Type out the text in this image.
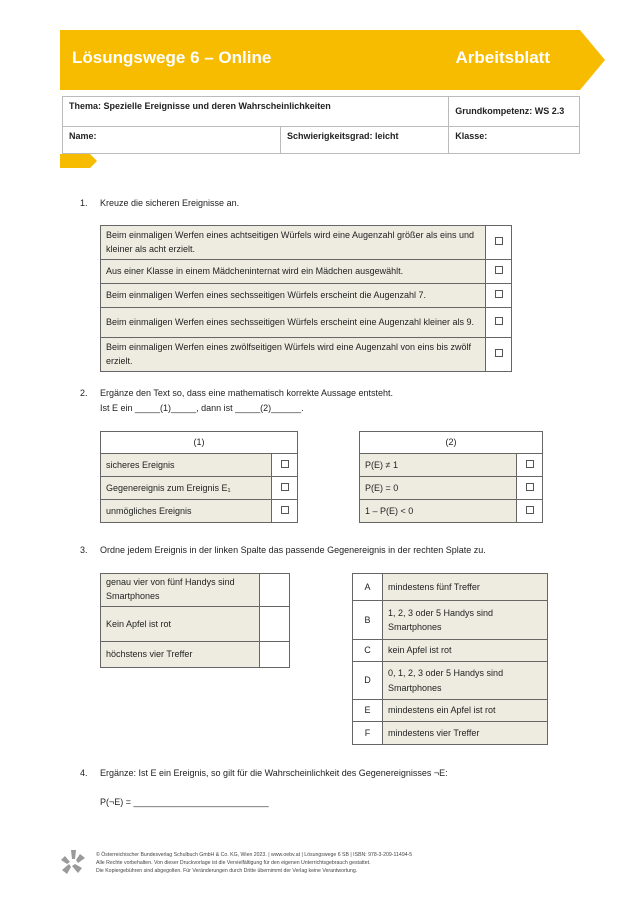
Lösungswege 6 – Online	Arbeitsblatt
Thema: Spezielle Ereignisse und deren Wahrscheinlichkeiten		Grundkompetenz: WS 2.3
Name:	Schwierigkeitsgrad: leicht	Klasse:
1. Kreuze die sicheren Ereignisse an.
Beim einmaligen Werfen eines achtseitigen Würfels wird eine Augenzahl größer als eins und kleiner als acht erzielt.	
Aus einer Klasse in einem Mädcheninternat wird ein Mädchen ausgewählt.	
Beim einmaligen Werfen eines sechsseitigen Würfels erscheint die Augenzahl 7.	
Beim einmaligen Werfen eines sechsseitigen Würfels erscheint eine Augenzahl kleiner als 9.	
Beim einmaligen Werfen eines zwölfseitigen Würfels wird eine Augenzahl von eins bis zwölf erzielt.	
2. Ergänze den Text so, dass eine mathematisch korrekte Aussage entsteht.
Ist E ein _____(1)_____, dann ist _____(2)______.
(1)	
sicheres Ereignis	
Gegenereignis zum Ereignis E₁	
unmögliches Ereignis	
(2)	
P(E) ≠ 1	
P(E) = 0	
1 – P(E) < 0	
3. Ordne jedem Ereignis in der linken Spalte das passende Gegenereignis in der rechten Splate zu.
genau vier von fünf Handys sind Smartphones	
Kein Apfel ist rot	
höchstens vier Treffer	
A	mindestens fünf Treffer
B	1, 2, 3 oder 5 Handys sind Smartphones
C	kein Apfel ist rot
D	0, 1, 2, 3 oder 5 Handys sind Smartphones
E	mindestens ein Apfel ist rot
F	mindestens vier Treffer
4. Ergänze: Ist E ein Ereignis, so gilt für die Wahrscheinlichkeit des Gegenereignisses ¬E:
P(¬E) = ___________________________
© Österreichischer Bundesverlag Schulbuch GmbH & Co. KG, Wien 2023. | www.oebv.at | Lösungswege 6 SB | ISBN: 978-3-209-11494-5
Alle Rechte vorbehalten. Von dieser Druckvorlage ist die Vervielfältigung für den eigenen Unterrichtsgebrauch gestattet.
Die Kopiergebühren sind abgegolten. Für Veränderungen durch Dritte übernimmt der Verlag keine Verantwortung.
